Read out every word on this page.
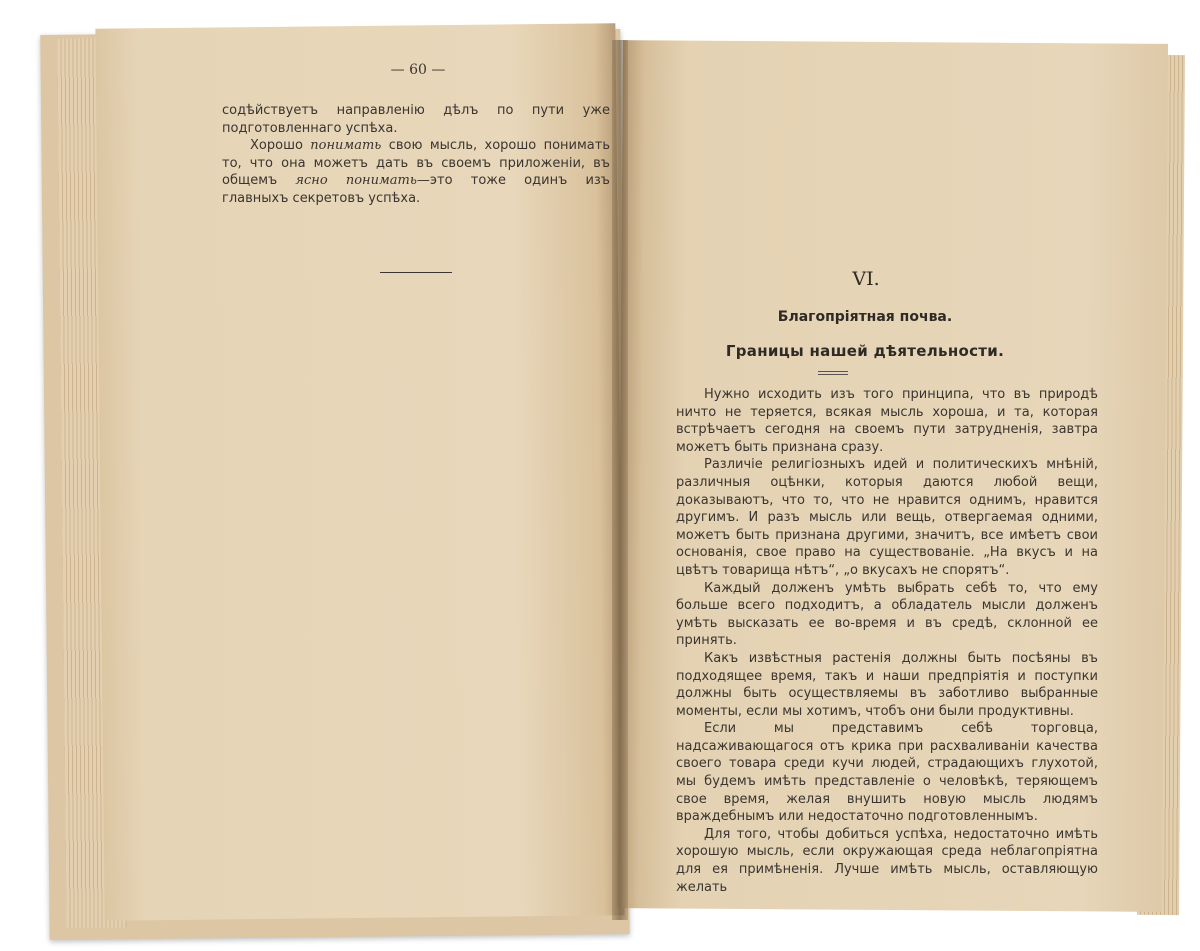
— 60 —

содѣйствуетъ направленію дѣлъ по пути уже подготовленнаго успѣха.

Хорошо понимать свою мысль, хорошо понимать то, что она можетъ дать въ своемъ приложеніи, въ общемъ ясно понимать—это тоже одинъ изъ главныхъ секретовъ успѣха.

VI.
Благопріятная почва.
Границы нашей дѣятельности.

Нужно исходить изъ того принципа, что въ природѣ ничто не теряется, всякая мысль хороша, и та, которая встрѣчаетъ сегодня на своемъ пути затрудненія, завтра можетъ быть признана сразу.

Различіе религіозныхъ идей и политическихъ мнѣній, различныя оцѣнки, которыя даются любой вещи, доказываютъ, что то, что не нравится однимъ, нравится другимъ. И разъ мысль или вещь, отвергаемая одними, можетъ быть признана другими, значитъ, все имѣетъ свои основанія, свое право на существованіе. „На вкусъ и на цвѣтъ товарища нѣтъ“, „о вкусахъ не спорятъ“.

Каждый долженъ умѣть выбрать себѣ то, что ему больше всего подходитъ, а обладатель мысли долженъ умѣть высказать ее во-время и въ средѣ, склонной ее принять.

Какъ извѣстныя растенія должны быть посѣяны въ подходящее время, такъ и наши предпріятія и поступки должны быть осуществляемы въ заботливо выбранные моменты, если мы хотимъ, чтобъ они были продуктивны.

Если мы представимъ себѣ торговца, надсаживающагося отъ крика при расхваливаніи качества своего товара среди кучи людей, страдающихъ глухотой, мы будемъ имѣть представленіе о человѣкѣ, теряющемъ свое время, желая внушить новую мысль людямъ враждебнымъ или недостаточно подготовленнымъ.

Для того, чтобы добиться успѣха, недостаточно имѣть хорошую мысль, если окружающая среда неблагопріятна для ея примѣненія. Лучше имѣть мысль, оставляющую желать
